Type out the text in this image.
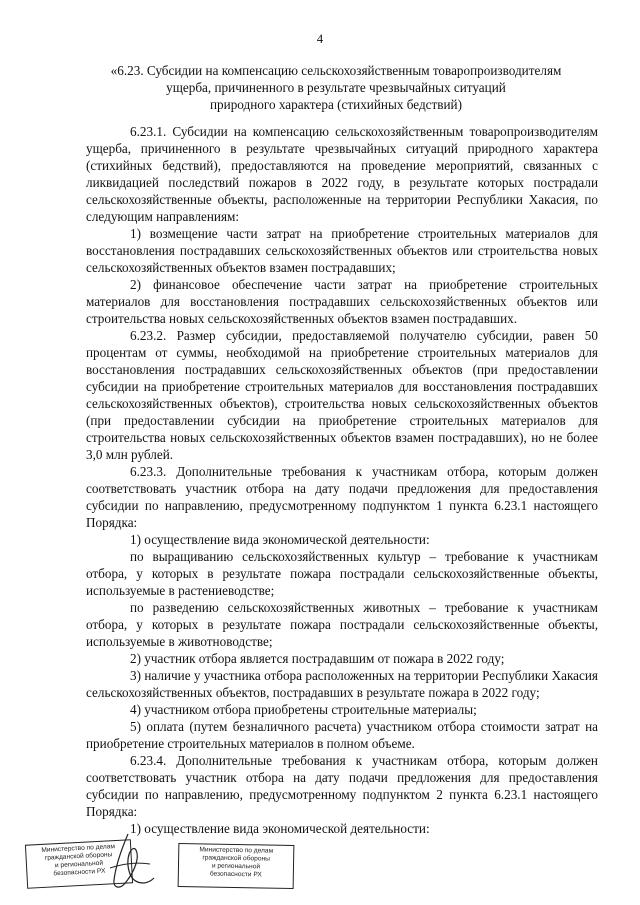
4
«6.23. Субсидии на компенсацию сельскохозяйственным товаропроизводителям
ущерба, причиненного в результате чрезвычайных ситуаций
природного характера (стихийных бедствий)

6.23.1. Субсидии на компенсацию сельскохозяйственным товаропроизводителям ущерба, причиненного в результате чрезвычайных ситуаций природного характера (стихийных бедствий), предоставляются на проведение мероприятий, связанных с ликвидацией последствий пожаров в 2022 году, в результате которых пострадали сельскохозяйственные объекты, расположенные на территории Республики Хакасия, по следующим направлениям:

1) возмещение части затрат на приобретение строительных материалов для восстановления пострадавших сельскохозяйственных объектов или строительства новых сельскохозяйственных объектов взамен пострадавших;

2) финансовое обеспечение части затрат на приобретение строительных материалов для восстановления пострадавших сельскохозяйственных объектов или строительства новых сельскохозяйственных объектов взамен пострадавших.

6.23.2. Размер субсидии, предоставляемой получателю субсидии, равен 50 процентам от суммы, необходимой на приобретение строительных материалов для восстановления пострадавших сельскохозяйственных объектов (при предоставлении субсидии на приобретение строительных материалов для восстановления пострадавших сельскохозяйственных объектов), строительства новых сельскохозяйственных объектов (при предоставлении субсидии на приобретение строительных материалов для строительства новых сельскохозяйственных объектов взамен пострадавших), но не более 3,0 млн рублей.

6.23.3. Дополнительные требования к участникам отбора, которым должен соответствовать участник отбора на дату подачи предложения для предоставления субсидии по направлению, предусмотренному подпунктом 1 пункта 6.23.1 настоящего Порядка:

1) осуществление вида экономической деятельности:

по выращиванию сельскохозяйственных культур – требование к участникам отбора, у которых в результате пожара пострадали сельскохозяйственные объекты, используемые в растениеводстве;

по разведению сельскохозяйственных животных – требование к участникам отбора, у которых в результате пожара пострадали сельскохозяйственные объекты, используемые в животноводстве;

2) участник отбора является пострадавшим от пожара в 2022 году;

3) наличие у участника отбора расположенных на территории Республики Хакасия сельскохозяйственных объектов, пострадавших в результате пожара в 2022 году;

4) участником отбора приобретены строительные материалы;

5) оплата (путем безналичного расчета) участником отбора стоимости затрат на приобретение строительных материалов в полном объеме.

6.23.4. Дополнительные требования к участникам отбора, которым должен соответствовать участник отбора на дату подачи предложения для предоставления субсидии по направлению, предусмотренному подпунктом 2 пункта 6.23.1 настоящего Порядка:

1) осуществление вида экономической деятельности:

Министерство по делам
гражданской обороны
и региональной
безопасности РХ
Министерство по делам
гражданской обороны
и региональной
безопасности РХ
